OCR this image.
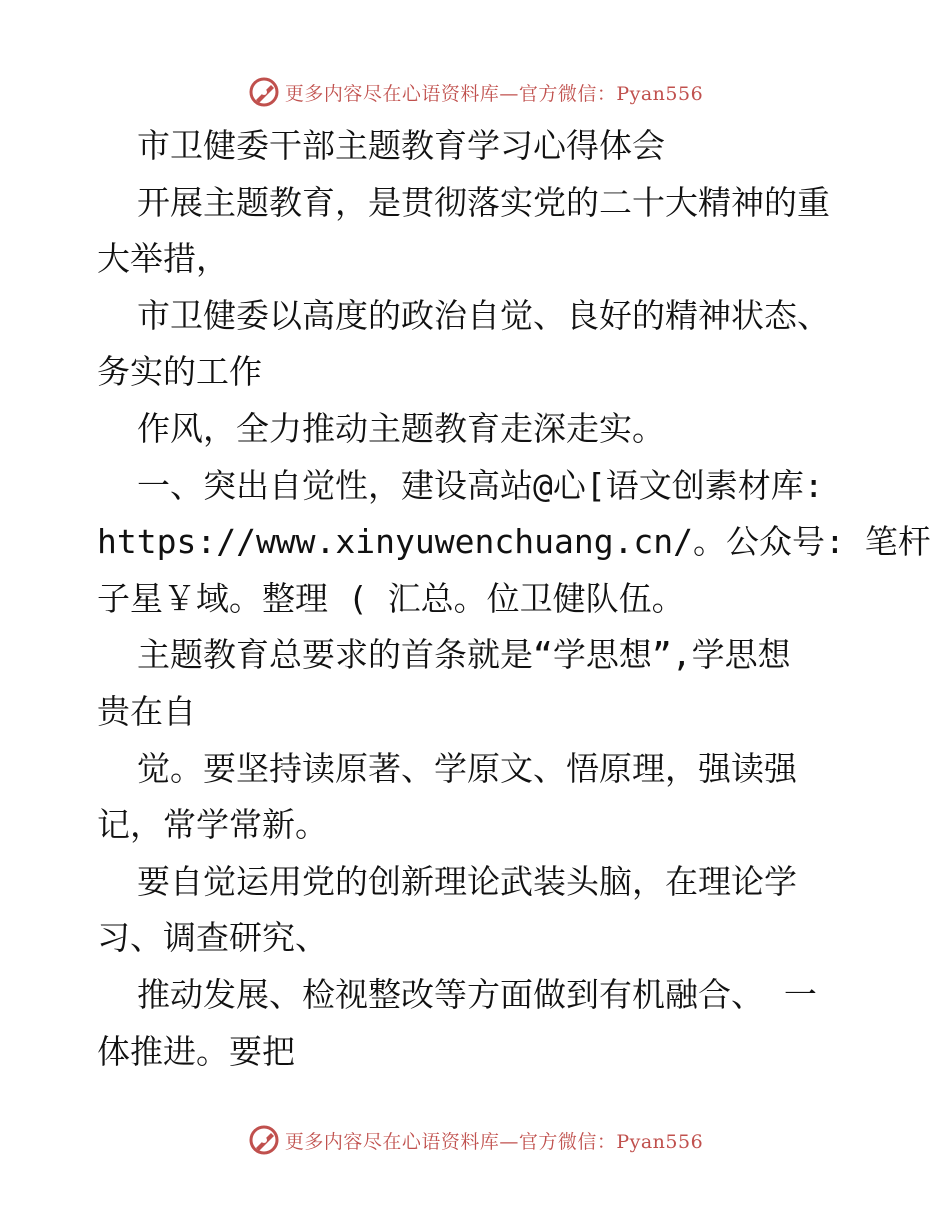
更多内容尽在心语资料库—官方微信：Pyan556

市卫健委干部主题教育学习心得体会

开展主题教育，是贯彻落实党的二十大精神的重

大举措，

市卫健委以高度的政治自觉、良好的精神状态、

务实的工作

作风，全力推动主题教育走深走实。

一、突出自觉性，建设高站@心[语文创素材库:

https://www.xinyuwenchuang.cn/。公众号: 笔杆

子星￥域。整理 ( 汇总。位卫健队伍。

主题教育总要求的首条就是“学思想”,学思想

贵在自

觉。要坚持读原著、学原文、悟原理，强读强

记，常学常新。

要自觉运用党的创新理论武装头脑，在理论学

习、调查研究、

推动发展、检视整改等方面做到有机融合、 一

体推进。要把

更多内容尽在心语资料库—官方微信：Pyan556
